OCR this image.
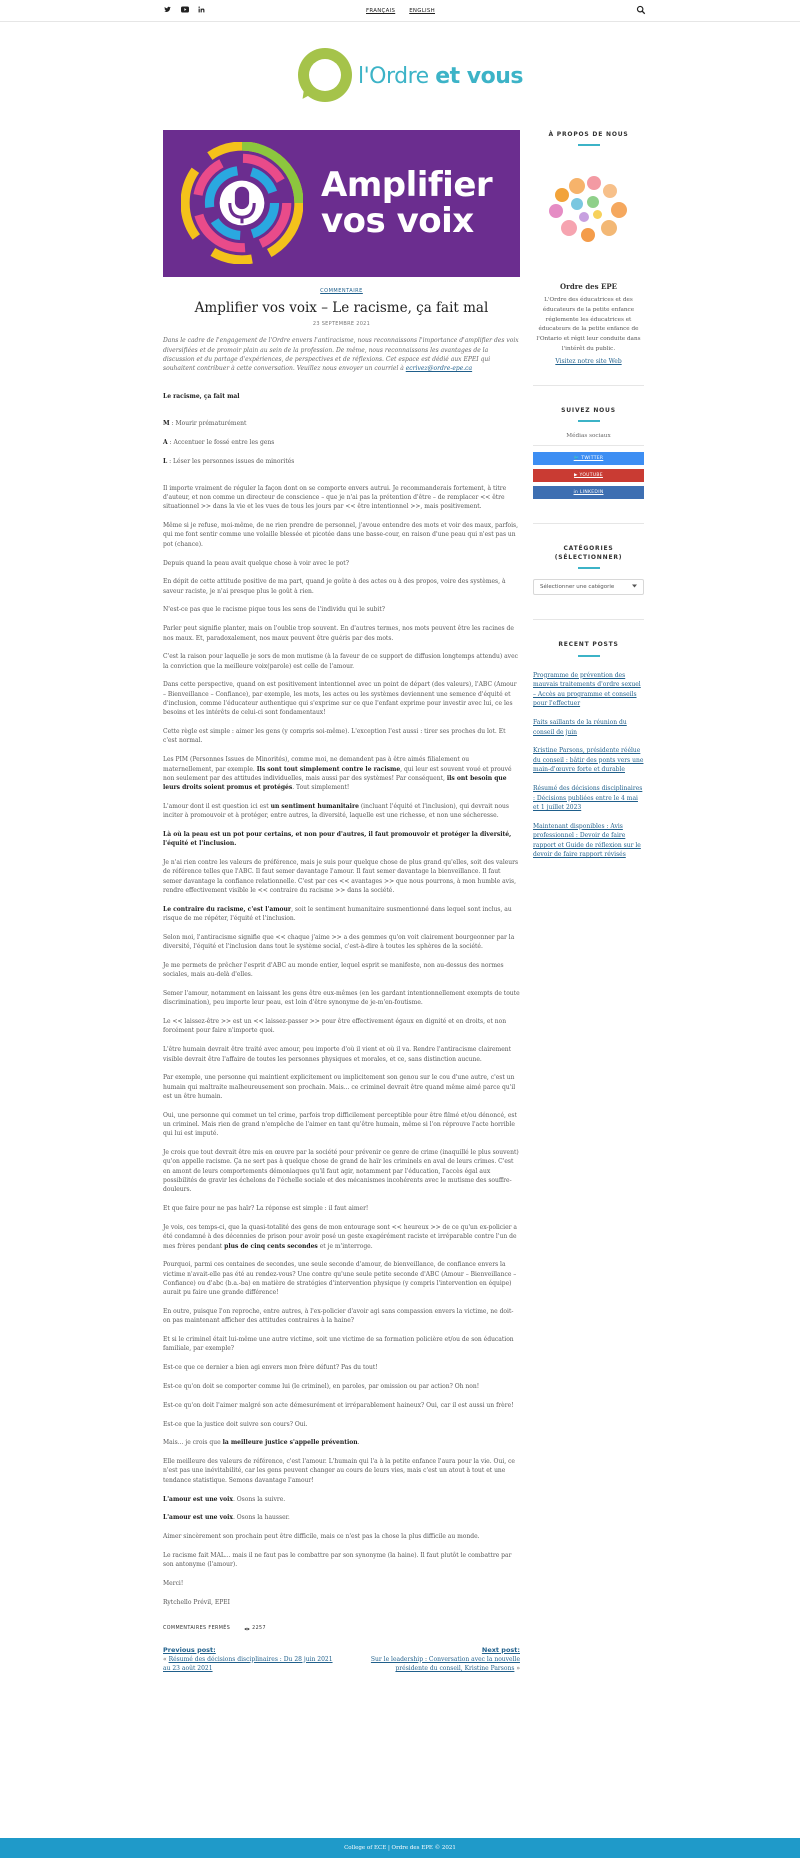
FRANÇAIS	ENGLISH
l'Ordre et vous
Amplifier
vos voix
COMMENTAIRE
Amplifier vos voix – Le racisme, ça fait mal
23 SEPTEMBRE 2021

Dans le cadre de l'engagement de l'Ordre envers l'antiracisme, nous reconnaissons l'importance d'amplifier des voix diversifiées et de promoir plain au sein de la profession. De même, nous reconnaissons les avantages de la discussion et du partage d'expériences, de perspectives et de réflexions. Cet espace est dédié aux EPEI qui souhaitent contribuer à cette conversation. Veuillez nous envoyer un courriel à ecrivez@ordre-epe.ca

Le racisme, ça fait mal

M : Mourir prématurément

A : Accentuer le fossé entre les gens

L : Léser les personnes issues de minorités

Il importe vraiment de réguler la façon dont on se comporte envers autrui. Je recommanderais fortement, à titre d'auteur, et non comme un directeur de conscience – que je n'ai pas la prétention d'être – de remplacer << être situationnel >> dans la vie et les vues de tous les jours par << être intentionnel >>, mais positivement.

Même si je refuse, moi-même, de ne rien prendre de personnel, j'avoue entendre des mots et voir des maux, parfois, qui me font sentir comme une volaille blessée et picotée dans une basse-cour, en raison d'une peau qui n'est pas un pot (chance).

Depuis quand la peau avait quelque chose à voir avec le pot?

En dépit de cette attitude positive de ma part, quand je goûte à des actes ou à des propos, voire des systèmes, à saveur raciste, je n'ai presque plus le goût à rien.

N'est-ce pas que le racisme pique tous les sens de l'individu qui le subit?

Parler peut signifie planter, mais on l'oublie trop souvent. En d'autres termes, nos mots peuvent être les racines de nos maux. Et, paradoxalement, nos maux peuvent être guéris par des mots.

C'est la raison pour laquelle je sors de mon mutisme (à la faveur de ce support de diffusion longtemps attendu) avec la conviction que la meilleure voix(parole) est celle de l'amour.

Dans cette perspective, quand on est positivement intentionnel avec un point de départ (des valeurs), l'ABC (Amour – Bienveillance – Confiance), par exemple, les mots, les actes ou les systèmes deviennent une semence d'équité et d'inclusion, comme l'éducateur authentique qui s'exprime sur ce que l'enfant exprime pour investir avec lui, ce les besoins et les intérêts de celui-ci sont fondamentaux!

Cette règle est simple : aimer les gens (y compris soi-même). L'exception l'est aussi : tirer ses proches du lot. Et c'est normal.

Les PIM (Personnes Issues de Minorités), comme moi, ne demandent pas à être aimés filialement ou maternellement, par exemple. Ils sont tout simplement contre le racisme, qui leur est souvent voué et prouvé non seulement par des attitudes individuelles, mais aussi par des systèmes! Par conséquent, ils ont besoin que leurs droits soient promus et protégés. Tout simplement!

L'amour dont il est question ici est un sentiment humanitaire (incluant l'équité et l'inclusion), qui devrait nous inciter à promouvoir et à protéger, entre autres, la diversité, laquelle est une richesse, et non une sécheresse.

Là où la peau est un pot pour certains, et non pour d'autres, il faut promouvoir et protéger la diversité, l'équité et l'inclusion.

Je n'ai rien contre les valeurs de préférence, mais je suis pour quelque chose de plus grand qu'elles, soit des valeurs de référence telles que l'ABC. Il faut semer davantage l'amour. Il faut semer davantage la bienveillance. Il faut semer davantage la confiance relationnelle. C'est par ces << avantages >> que nous pourrons, à mon humble avis, rendre effectivement visible le << contraire du racisme >> dans la société.

Le contraire du racisme, c'est l'amour, soit le sentiment humanitaire susmentionné dans lequel sont inclus, au risque de me répéter, l'équité et l'inclusion.

Selon moi, l'antiracisme signifie que << chaque j'aime >> a des gemmes qu'on voit clairement bourgeonner par la diversité, l'équité et l'inclusion dans tout le système social, c'est-à-dire à toutes les sphères de la société.

Je me permets de prêcher l'esprit d'ABC au monde entier, lequel esprit se manifeste, non au-dessus des normes sociales, mais au-delà d'elles.

Semer l'amour, notamment en laissant les gens être eux-mêmes (en les gardant intentionnellement exempts de toute discrimination), peu importe leur peau, est loin d'être synonyme de je-m'en-foutisme.

Le << laissez-être >> est un << laissez-passer >> pour être effectivement égaux en dignité et en droits, et non forcément pour faire n'importe quoi.

L'être humain devrait être traité avec amour, peu importe d'où il vient et où il va. Rendre l'antiracisme clairement visible devrait être l'affaire de toutes les personnes physiques et morales, et ce, sans distinction aucune.

Par exemple, une personne qui maintient explicitement ou implicitement son genou sur le cou d'une autre, c'est un humain qui maltraite malheureusement son prochain. Mais... ce criminel devrait être quand même aimé parce qu'il est un être humain.

Oui, une personne qui commet un tel crime, parfois trop difficilement perceptible pour être filmé et/ou dénoncé, est un criminel. Mais rien de grand n'empêche de l'aimer en tant qu'être humain, même si l'on réprouve l'acte horrible qui lui est imputé.

Je crois que tout devrait être mis en œuvre par la société pour prévenir ce genre de crime (inaquillé le plus souvent) qu'on appelle racisme. Ça ne sert pas à quelque chose de grand de haïr les criminels en aval de leurs crimes. C'est en amont de leurs comportements démoniaques qu'il faut agir, notamment par l'éducation, l'accès égal aux possibilités de gravir les échelons de l'échelle sociale et des mécanismes incohérents avec le mutisme des souffre-douleurs.

Et que faire pour ne pas haïr? La réponse est simple : il faut aimer!

Je vois, ces temps-ci, que la quasi-totalité des gens de mon entourage sont << heureux >> de ce qu'un ex-policier a été condamné à des décennies de prison pour avoir posé un geste exagérément raciste et irréparable contre l'un de mes frères pendant plus de cinq cents secondes et je m'interroge.

Pourquoi, parmi ces centaines de secondes, une seule seconde d'amour, de bienveillance, de confiance envers la victime n'avait-elle pas été au rendez-vous? Une contre qu'une seule petite seconde d'ABC (Amour – Bienveillance – Confiance) ou d'abc (b.a.-ba) en matière de stratégies d'intervention physique (y compris l'intervention en équipe) aurait pu faire une grande différence!

En outre, puisque l'on reproche, entre autres, à l'ex-policier d'avoir agi sans compassion envers la victime, ne doit-on pas maintenant afficher des attitudes contraires à la haine?

Et si le criminel était lui-même une autre victime, soit une victime de sa formation policière et/ou de son éducation familiale, par exemple?

Est-ce que ce dernier a bien agi envers mon frère défunt? Pas du tout!

Est-ce qu'on doit se comporter comme lui (le criminel), en paroles, par omission ou par action? Oh non!

Est-ce qu'on doit l'aimer malgré son acte démesurément et irréparablement haineux? Oui, car il est aussi un frère!

Est-ce que la justice doit suivre son cours? Oui.

Mais... je crois que la meilleure justice s'appelle prévention.

Elle meilleure des valeurs de référence, c'est l'amour. L'humain qui l'a à la petite enfance l'aura pour la vie. Oui, ce n'est pas une inévitabilité, car les gens peuvent changer au cours de leurs vies, mais c'est un atout à tout et une tendance statistique. Semons davantage l'amour!

L'amour est une voix. Osons la suivre.

L'amour est une voix. Osons la hausser.

Aimer sincèrement son prochain peut être difficile, mais ce n'est pas la chose la plus difficile au monde.

Le racisme fait MAL... mais il ne faut pas le combattre par son synonyme (la haine). Il faut plutôt le combattre par son antonyme (l'amour).

Merci!

Rytchello Prévil, EPEI

COMMENTAIRES FERMÉS	2257
Previous post:
« Résumé des décisions disciplinaires : Du 28 juin 2021 au 23 août 2021
Next post:
Sur le leadership : Conversation avec la nouvelle présidente du conseil, Kristine Parsons »
À PROPOS DE NOUS
Ordre des EPE
L'Ordre des éducatrices et des éducateurs de la petite enfance réglemente les éducatrices et éducateurs de la petite enfance de l'Ontario et régit leur conduite dans l'intérêt du public.
Visitez notre site Web
SUIVEZ NOUS
Médias sociaux
🐦 TWITTER
▶ YOUTUBE
in LINKEDIN
CATÉGORIES
(SÉLECTIONNER)
Sélectionner une catégorie
RECENT POSTS
Programme de prévention des mauvais traitements d'ordre sexuel – Accès au programme et conseils pour l'effectuer
Faits saillants de la réunion du conseil de juin
Kristine Parsons, présidente réélue du conseil : bâtir des ponts vers une main-d'œuvre forte et durable
Résumé des décisions disciplinaires : Décisions publiées entre le 4 mai et 1 juillet 2023
Maintenant disponibles : Avis professionnel : Devoir de faire rapport et Guide de réflexion sur le devoir de faire rapport révisés
College of ECE | Ordre des EPE © 2021
